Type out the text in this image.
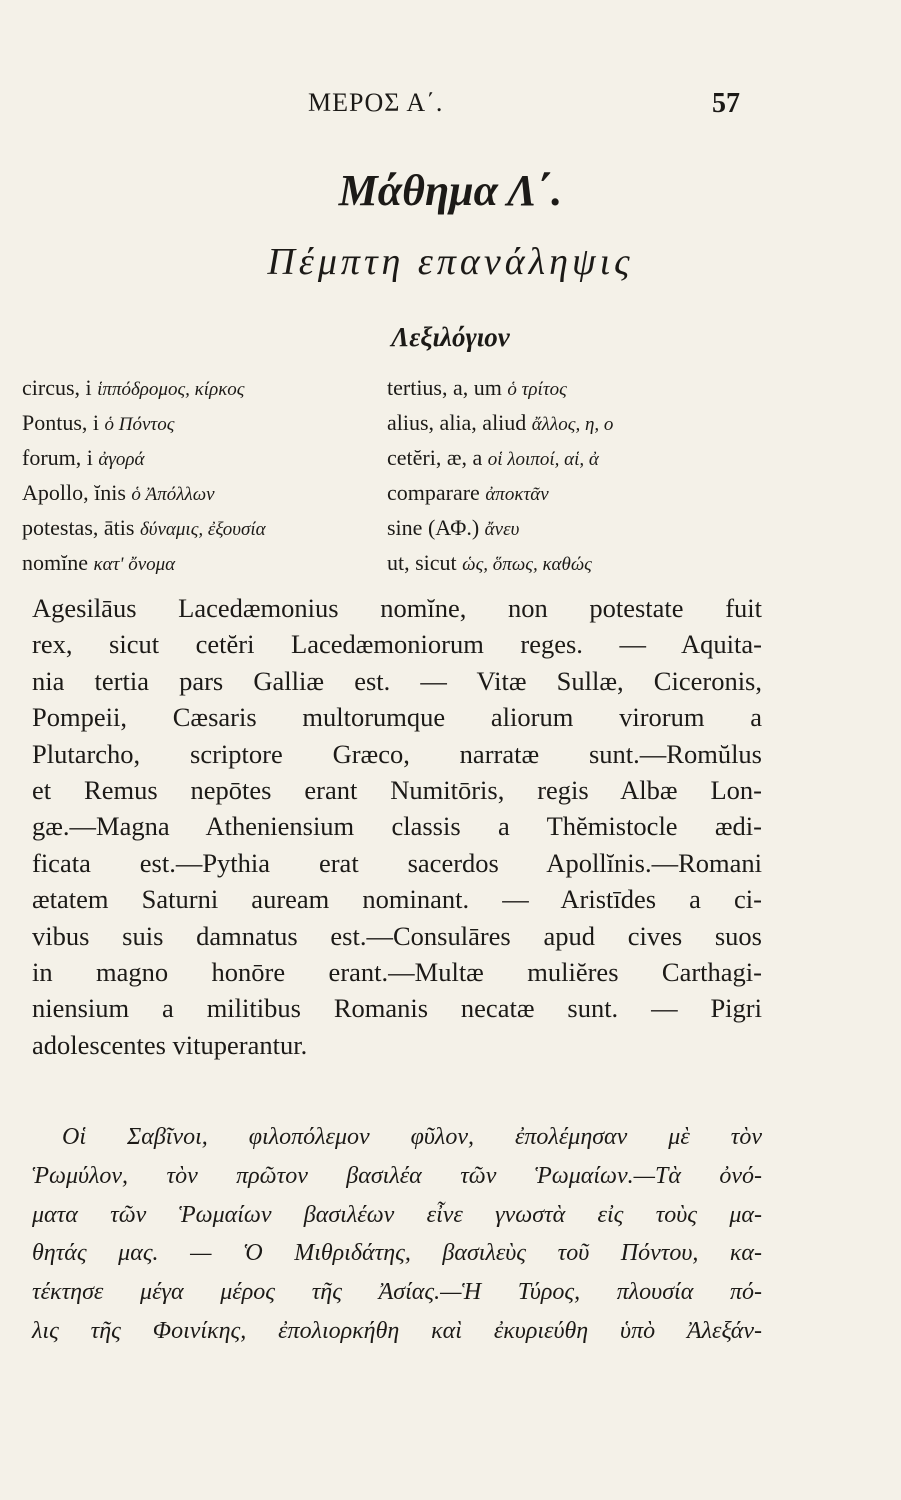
ΜΕΡΟΣ Α΄.	57
Μάθημα Λ΄.
Πέμπτη επανάληψις
Λεξιλόγιον
circus, i ἱππόδρομος, κίρκος	tertius, a, um ὁ τρίτος
Pontus, i ὁ Πόντος	alius, alia, aliud ἄλλος, η, ο
forum, i ἀγορά	cetĕri, æ, a οἱ λοιποί, αἱ, ἀ
Apollo, ĭnis ὁ Ἀπόλλων	comparare ἀποκτᾶν
potestas, ātis δύναμις, ἐξουσία	sine (ΑΦ.) ἄνευ
nomĭne κατ' ὄνομα	ut, sicut ὡς, ὅπως, καθώς
Agesilāus Lacedæmonius nomĭne, non potestate fuit
rex, sicut cetĕri Lacedæmoniorum reges. — Aquita-
nia tertia pars Galliæ est. — Vitæ Sullæ, Ciceronis,
Pompeii, Cæsaris multorumque aliorum virorum a
Plutarcho, scriptore Græco, narratæ sunt.—Romŭlus
et Remus nepōtes erant Numitōris, regis Albæ Lon-
gæ.—Magna Atheniensium classis a Thĕmistocle ædi-
ficata est.—Pythia erat sacerdos Apollĭnis.—Romani
ætatem Saturni auream nominant. — Aristīdes a ci-
vibus suis damnatus est.—Consulāres apud cives suos
in magno honōre erant.—Multæ muliĕres Carthagi-
niensium a militibus Romanis necatæ sunt. — Pigri
adolescentes vituperantur.
Οἱ Σαβῖνοι, φιλοπόλεμον φῦλον, ἐπολέμησαν μὲ τὸν
Ῥωμύλον, τὸν πρῶτον βασιλέα τῶν Ῥωμαίων.—Τὰ ὀνό-
ματα τῶν Ῥωμαίων βασιλέων εἶνε γνωστὰ εἰς τοὺς μα-
θητάς μας. — Ὁ Μιθριδάτης, βασιλεὺς τοῦ Πόντου, κα-
τέκτησε μέγα μέρος τῆς Ἀσίας.—Ἡ Τύρος, πλουσία πό-
λις τῆς Φοινίκης, ἐπολιορκήθη καὶ ἐκυριεύθη ὑπὸ Ἀλεξάν-
